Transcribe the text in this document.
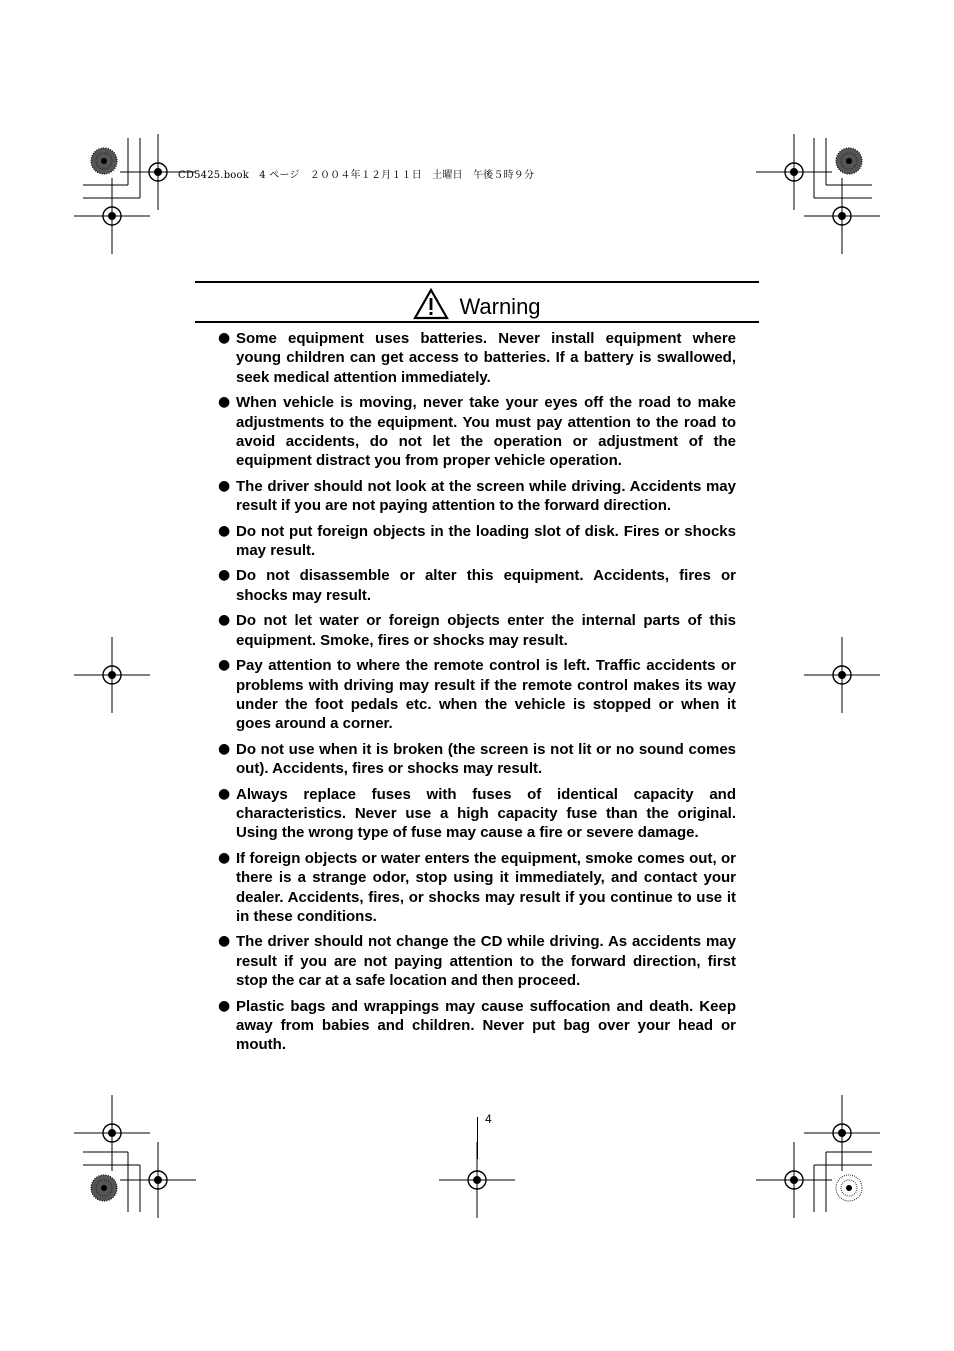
CD5425.book　4 ページ　２００４年１２月１１日　土曜日　午後５時９分
Warning
● Some equipment uses batteries. Never install equipment where young children can get access to batteries. If a battery is swallowed, seek medical attention immediately.
● When vehicle is moving, never take your eyes off the road to make adjustments to the equipment. You must pay attention to the road to avoid accidents, do not let the operation or adjustment of the equipment distract you from proper vehicle operation.
● The driver should not look at the screen while driving. Accidents may result if you are not paying attention to the forward direction.
● Do not put foreign objects in the loading slot of disk. Fires or shocks may result.
● Do not disassemble or alter this equipment. Accidents, fires or shocks may result.
● Do not let water or foreign objects enter the internal parts of this equipment. Smoke, fires or shocks may result.
● Pay attention to where the remote control is left. Traffic accidents or problems with driving may result if the remote control makes its way under the foot pedals etc. when the vehicle is stopped or when it goes around a corner.
● Do not use when it is broken (the screen is not lit or no sound comes out). Accidents, fires or shocks may result.
● Always replace fuses with fuses of identical capacity and characteristics. Never use a high capacity fuse than the original. Using the wrong type of fuse may cause a fire or severe damage.
● If foreign objects or water enters the equipment, smoke comes out, or there is a strange odor, stop using it immediately, and contact your dealer. Accidents, fires, or shocks may result if you continue to use it in these conditions.
● The driver should not change the CD while driving. As accidents may result if you are not paying attention to the forward direction, first stop the car at a safe location and then proceed.
● Plastic bags and wrappings may cause suffocation and death. Keep away from babies and children. Never put bag over your head or mouth.
4
